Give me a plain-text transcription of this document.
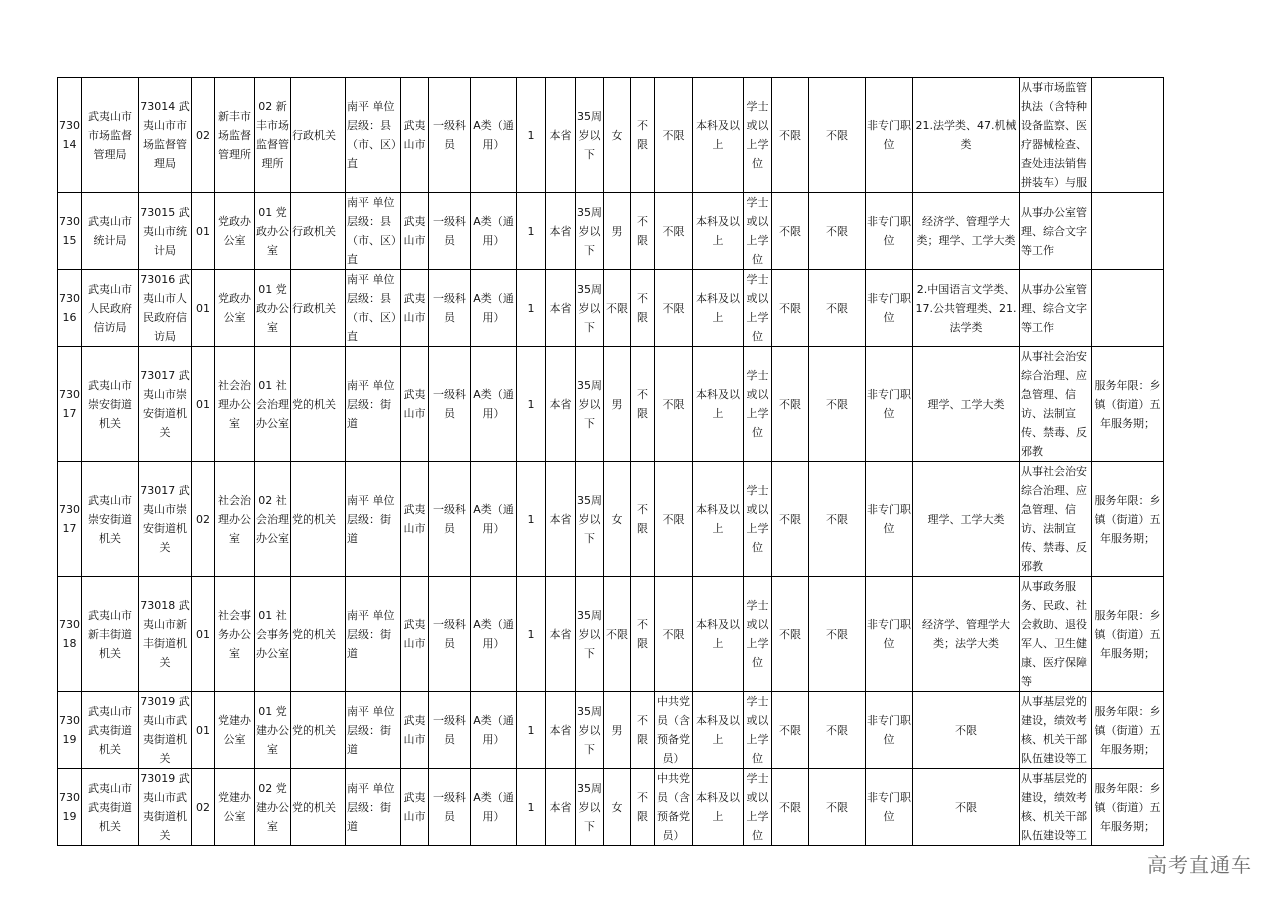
73014	武夷山市市场监督管理局	73014 武夷山市市场监督管理局	02	新丰市场监督管理所	02 新丰市场监督管理所	行政机关	南平 单位层级：县（市、区）直	武夷山市	一级科员	A类（通用）	1	本省	35周岁以下	女	不限	不限	本科及以上	学士或以上学位	不限	不限	非专门职位	21.法学类、47.机械类	从事市场监管执法（含特种设备监察、医疗器械检查、查处违法销售拼装车）与服	
73015	武夷山市统计局	73015 武夷山市统计局	01	党政办公室	01 党政办公室	行政机关	南平 单位层级：县（市、区）直	武夷山市	一级科员	A类（通用）	1	本省	35周岁以下	男	不限	不限	本科及以上	学士或以上学位	不限	不限	非专门职位	经济学、管理学大类；理学、工学大类	从事办公室管理、综合文字等工作	
73016	武夷山市人民政府信访局	73016 武夷山市人民政府信访局	01	党政办公室	01 党政办公室	行政机关	南平 单位层级：县（市、区）直	武夷山市	一级科员	A类（通用）	1	本省	35周岁以下	不限	不限	不限	本科及以上	学士或以上学位	不限	不限	非专门职位	2.中国语言文学类、17.公共管理类、21.法学类	从事办公室管理、综合文字等工作	
73017	武夷山市崇安街道机关	73017 武夷山市崇安街道机关	01	社会治理办公室	01 社会治理办公室	党的机关	南平 单位层级：街道	武夷山市	一级科员	A类（通用）	1	本省	35周岁以下	男	不限	不限	本科及以上	学士或以上学位	不限	不限	非专门职位	理学、工学大类	从事社会治安综合治理、应急管理、信访、法制宣传、禁毒、反邪教	服务年限：乡镇（街道）五年服务期；
73017	武夷山市崇安街道机关	73017 武夷山市崇安街道机关	02	社会治理办公室	02 社会治理办公室	党的机关	南平 单位层级：街道	武夷山市	一级科员	A类（通用）	1	本省	35周岁以下	女	不限	不限	本科及以上	学士或以上学位	不限	不限	非专门职位	理学、工学大类	从事社会治安综合治理、应急管理、信访、法制宣传、禁毒、反邪教	服务年限：乡镇（街道）五年服务期；
73018	武夷山市新丰街道机关	73018 武夷山市新丰街道机关	01	社会事务办公室	01 社会事务办公室	党的机关	南平 单位层级：街道	武夷山市	一级科员	A类（通用）	1	本省	35周岁以下	不限	不限	不限	本科及以上	学士或以上学位	不限	不限	非专门职位	经济学、管理学大类；法学大类	从事政务服务、民政、社会救助、退役军人、卫生健康、医疗保障等	服务年限：乡镇（街道）五年服务期；
73019	武夷山市武夷街道机关	73019 武夷山市武夷街道机关	01	党建办公室	01 党建办公室	党的机关	南平 单位层级：街道	武夷山市	一级科员	A类（通用）	1	本省	35周岁以下	男	不限	中共党员（含预备党员）	本科及以上	学士或以上学位	不限	不限	非专门职位	不限	从事基层党的建设，绩效考核、机关干部队伍建设等工	服务年限：乡镇（街道）五年服务期；
73019	武夷山市武夷街道机关	73019 武夷山市武夷街道机关	02	党建办公室	02 党建办公室	党的机关	南平 单位层级：街道	武夷山市	一级科员	A类（通用）	1	本省	35周岁以下	女	不限	中共党员（含预备党员）	本科及以上	学士或以上学位	不限	不限	非专门职位	不限	从事基层党的建设，绩效考核、机关干部队伍建设等工	服务年限：乡镇（街道）五年服务期；
高考直通车
